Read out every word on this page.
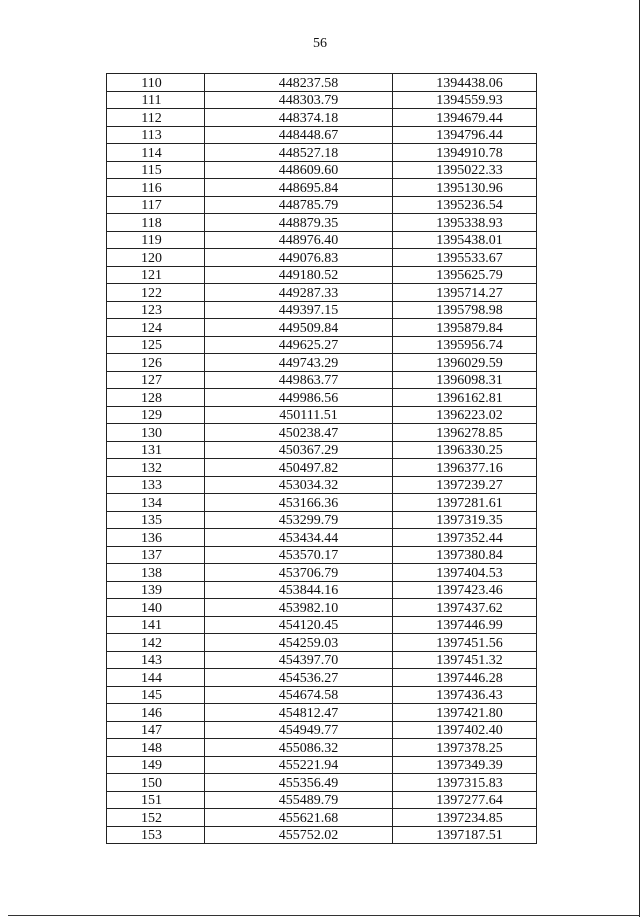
56
110	448237.58	1394438.06
111	448303.79	1394559.93
112	448374.18	1394679.44
113	448448.67	1394796.44
114	448527.18	1394910.78
115	448609.60	1395022.33
116	448695.84	1395130.96
117	448785.79	1395236.54
118	448879.35	1395338.93
119	448976.40	1395438.01
120	449076.83	1395533.67
121	449180.52	1395625.79
122	449287.33	1395714.27
123	449397.15	1395798.98
124	449509.84	1395879.84
125	449625.27	1395956.74
126	449743.29	1396029.59
127	449863.77	1396098.31
128	449986.56	1396162.81
129	450111.51	1396223.02
130	450238.47	1396278.85
131	450367.29	1396330.25
132	450497.82	1396377.16
133	453034.32	1397239.27
134	453166.36	1397281.61
135	453299.79	1397319.35
136	453434.44	1397352.44
137	453570.17	1397380.84
138	453706.79	1397404.53
139	453844.16	1397423.46
140	453982.10	1397437.62
141	454120.45	1397446.99
142	454259.03	1397451.56
143	454397.70	1397451.32
144	454536.27	1397446.28
145	454674.58	1397436.43
146	454812.47	1397421.80
147	454949.77	1397402.40
148	455086.32	1397378.25
149	455221.94	1397349.39
150	455356.49	1397315.83
151	455489.79	1397277.64
152	455621.68	1397234.85
153	455752.02	1397187.51
